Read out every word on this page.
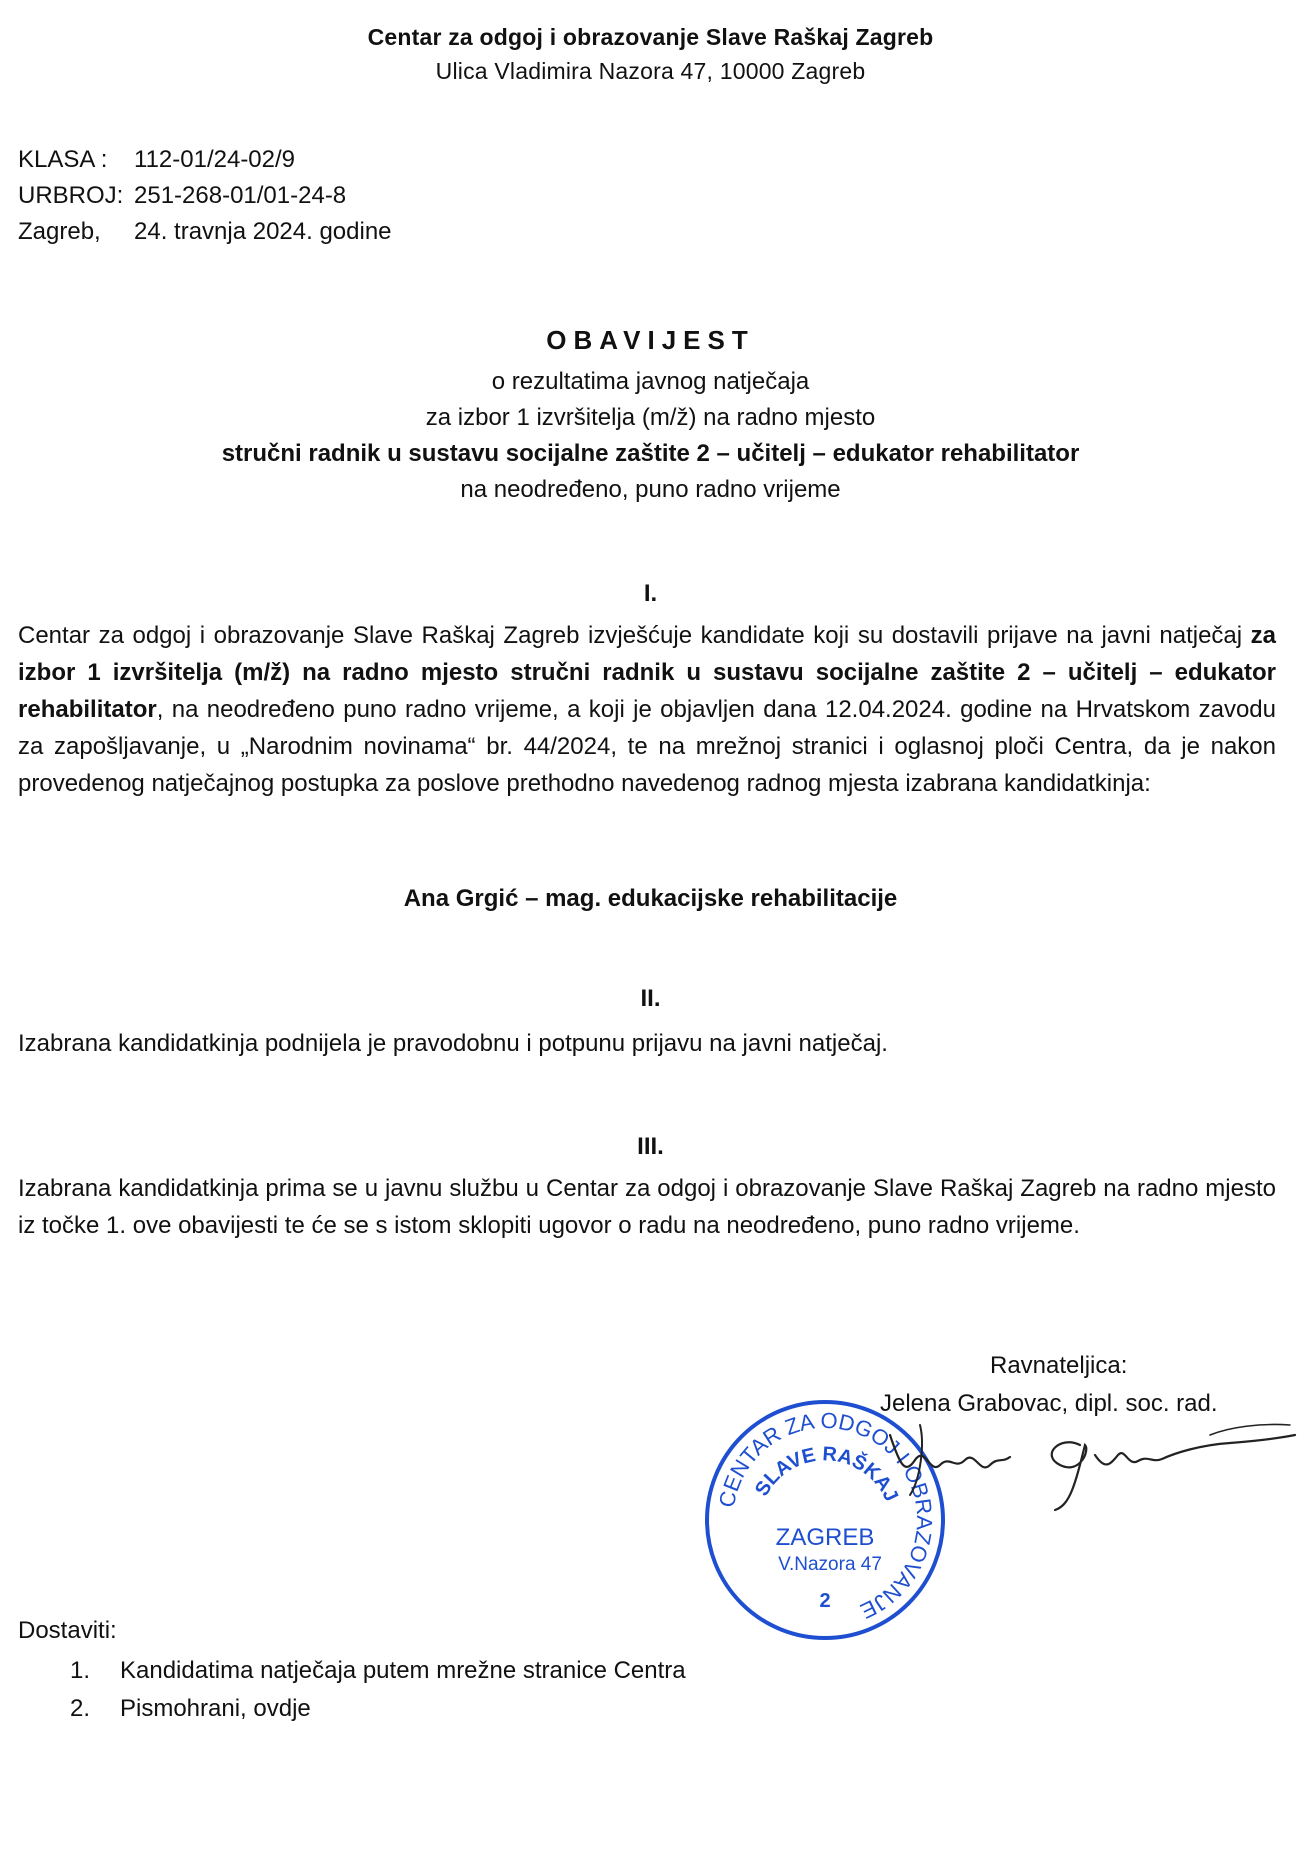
Centar za odgoj i obrazovanje Slave Raškaj Zagreb
Ulica Vladimira Nazora 47, 10000 Zagreb
KLASA :	112-01/24-02/9
URBROJ: 251-268-01/01-24-8
Zagreb,	24. travnja 2024. godine
OBAVIJEST
o rezultatima javnog natječaja
za izbor 1 izvršitelja (m/ž) na radno mjesto
stručni radnik u sustavu socijalne zaštite 2 – učitelj – edukator rehabilitator
na neodređeno, puno radno vrijeme
I.
Centar za odgoj i obrazovanje Slave Raškaj Zagreb izvješćuje kandidate koji su dostavili prijave na javni natječaj za izbor 1 izvršitelja (m/ž) na radno mjesto stručni radnik u sustavu socijalne zaštite 2 – učitelj – edukator rehabilitator, na neodređeno puno radno vrijeme, a koji je objavljen dana 12.04.2024. godine na Hrvatskom zavodu za zapošljavanje, u „Narodnim novinama“ br. 44/2024, te na mrežnoj stranici i oglasnoj ploči Centra, da je nakon provedenog natječajnog postupka za poslove prethodno navedenog radnog mjesta izabrana kandidatkinja:
Ana Grgić – mag. edukacijske rehabilitacije
II.
Izabrana kandidatkinja podnijela je pravodobnu i potpunu prijavu na javni natječaj.
III.
Izabrana kandidatkinja prima se u javnu službu u Centar za odgoj i obrazovanje Slave Raškaj Zagreb na radno mjesto iz točke 1. ove obavijesti te će se s istom sklopiti ugovor o radu na neodređeno, puno radno vrijeme.
Ravnateljica:
Jelena Grabovac, dipl. soc. rad.
CENTAR ZA ODGOJ I OBRAZOVANJE
SLAVE RAŠKAJ
ZAGREB
V.Nazora 47
2
Dostaviti:
1.	Kandidatima natječaja putem mrežne stranice Centra
2.	Pismohrani, ovdje
